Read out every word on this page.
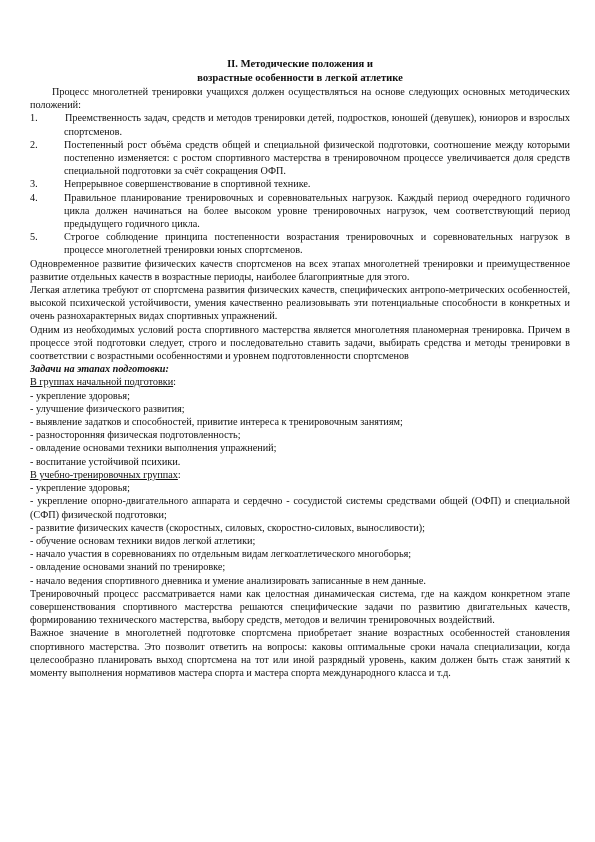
II. Методические положения и
возрастные особенности в легкой атлетике
Процесс многолетней тренировки учащихся должен осуществляться на основе следующих основных методических положений:
1.	Преемственность задач, средств и методов тренировки детей, подростков, юношей (девушек), юниоров и взрослых спортсменов.
2.	Постепенный рост объёма средств общей и специальной физической подготовки, соотношение между которыми постепенно изменяется: с ростом спортивного мастерства в тренировочном процессе увеличивается доля средств специальной подготовки за счёт сокращения ОФП.
3.	Непрерывное совершенствование в спортивной технике.
4.	Правильное планирование тренировочных и соревновательных нагрузок. Каждый период очередного годичного цикла должен начинаться на более высоком уровне тренировочных нагрузок, чем соответствующий период предыдущего годичного цикла.
5.	Строгое соблюдение принципа постепенности возрастания тренировочных и соревновательных нагрузок в процессе многолетней тренировки юных спортсменов.
Одновременное развитие физических качеств спортсменов на всех этапах многолетней тренировки и преимущественное развитие отдельных качеств в возрастные периоды, наиболее благоприятные для этого.
Легкая атлетика требуют от спортсмена развития физических качеств, специфических антропо-метрических особенностей, высокой психической устойчивости, умения качественно реализовывать эти потенциальные способности в конкретных и очень разнохарактерных видах спортивных упражнений.
Одним из необходимых условий роста спортивного мастерства является многолетняя планомерная тренировка. Причем в процессе этой подготовки следует, строго и последовательно ставить задачи, выбирать средства и методы тренировки в соответствии с возрастными особенностями и уровнем подготовленности спортсменов
Задачи на этапах подготовки:
В группах начальной подготовки:
- укрепление здоровья;
- улучшение физического развития;
- выявление задатков и способностей, привитие интереса к тренировочным занятиям;
- разносторонняя физическая подготовленность;
- овладение основами техники выполнения упражнений;
- воспитание устойчивой психики.
В учебно-тренировочных группах:
- укрепление здоровья;
- укрепление опорно-двигательного аппарата и сердечно - сосудистой системы средствами общей (ОФП) и специальной (СФП) физической подготовки;
- развитие физических качеств (скоростных, силовых, скоростно-силовых, выносливости);
- обучение основам техники видов легкой атлетики;
- начало участия в соревнованиях по отдельным видам легкоатлетического многоборья;
- овладение основами знаний по тренировке;
- начало ведения спортивного дневника и умение анализировать записанные в нем данные.
Тренировочный процесс рассматривается нами как целостная динамическая система, где на каждом конкретном этапе совершенствования спортивного мастерства решаются специфические задачи по развитию двигательных качеств, формированию технического мастерства, выбору средств, методов и величин тренировочных воздействий.
Важное значение в многолетней подготовке спортсмена приобретает знание возрастных особенностей становления спортивного мастерства. Это позволит ответить на вопросы: каковы оптимальные сроки начала специализации, когда целесообразно планировать выход спортсмена на тот или иной разрядный уровень, каким должен быть стаж занятий к моменту выполнения нормативов мастера спорта и мастера спорта международного класса и т.д.
